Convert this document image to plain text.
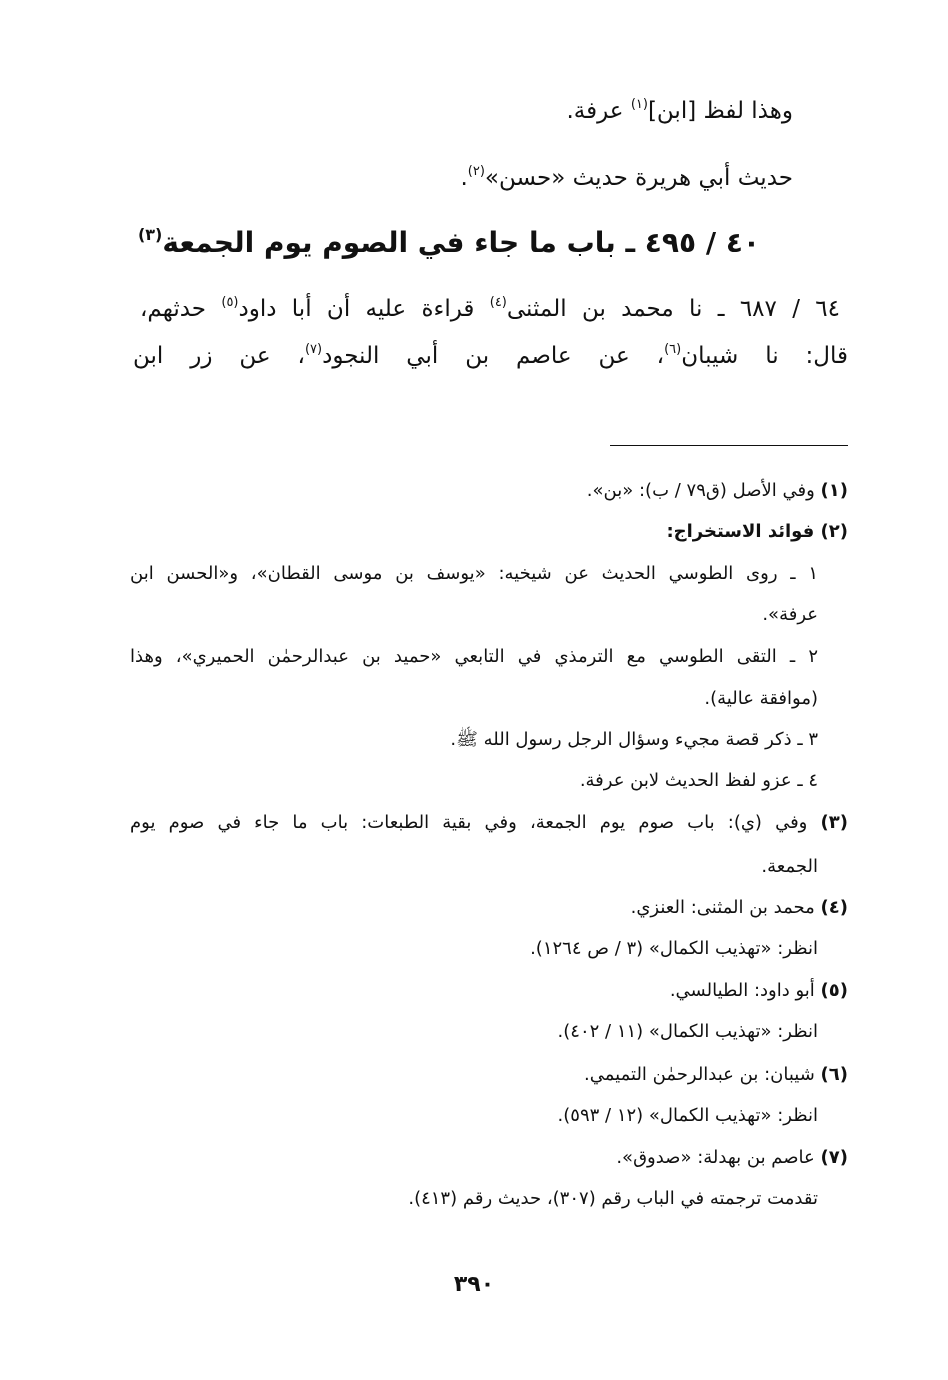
وهذا لفظ [ابن]$^{(١)}$ عرفة.
حديث أبي هريرة حديث «حسن»$^{(٢)}$.
٤٠ / ٤٩٥ ـ باب ما جاء في الصوم يوم الجمعة$^{(٣)}$
٦٤ / ٦٨٧ ـ نا محمد بن المثنى$^{(٤)}$ قراءة عليه أن أبا داود$^{(٥)}$ حدثهم،
قال: نا شيبان$^{(٦)}$، عن عاصم بن أبي النجود$^{(٧)}$، عن زر ابن
(١) وفي الأصل (ق٧٩ / ب): «بن».
(٢) فوائد الاستخراج:
١ ـ روى الطوسي الحديث عن شيخيه: «يوسف بن موسى القطان»، و«الحسن ابن
عرفة».
٢ ـ التقى الطوسي مع الترمذي في التابعي «حميد بن عبدالرحمٰن الحميري»، وهذا
(موافقة عالية).
٣ ـ ذكر قصة مجيء وسؤال الرجل رسول الله ﷺ.
٤ ـ عزو لفظ الحديث لابن عرفة.
(٣) وفي (ي): باب صوم يوم الجمعة، وفي بقية الطبعات: باب ما جاء في صوم يوم
الجمعة.
(٤) محمد بن المثنى: العنزي.
انظر: «تهذيب الكمال» (٣ / ص ١٢٦٤).
(٥) أبو داود: الطيالسي.
انظر: «تهذيب الكمال» (١١ / ٤٠٢).
(٦) شيبان: بن عبدالرحمٰن التميمي.
انظر: «تهذيب الكمال» (١٢ / ٥٩٣).
(٧) عاصم بن بهدلة: «صدوق».
تقدمت ترجمته في الباب رقم (٣٠٧)، حديث رقم (٤١٣).
٣٩٠
